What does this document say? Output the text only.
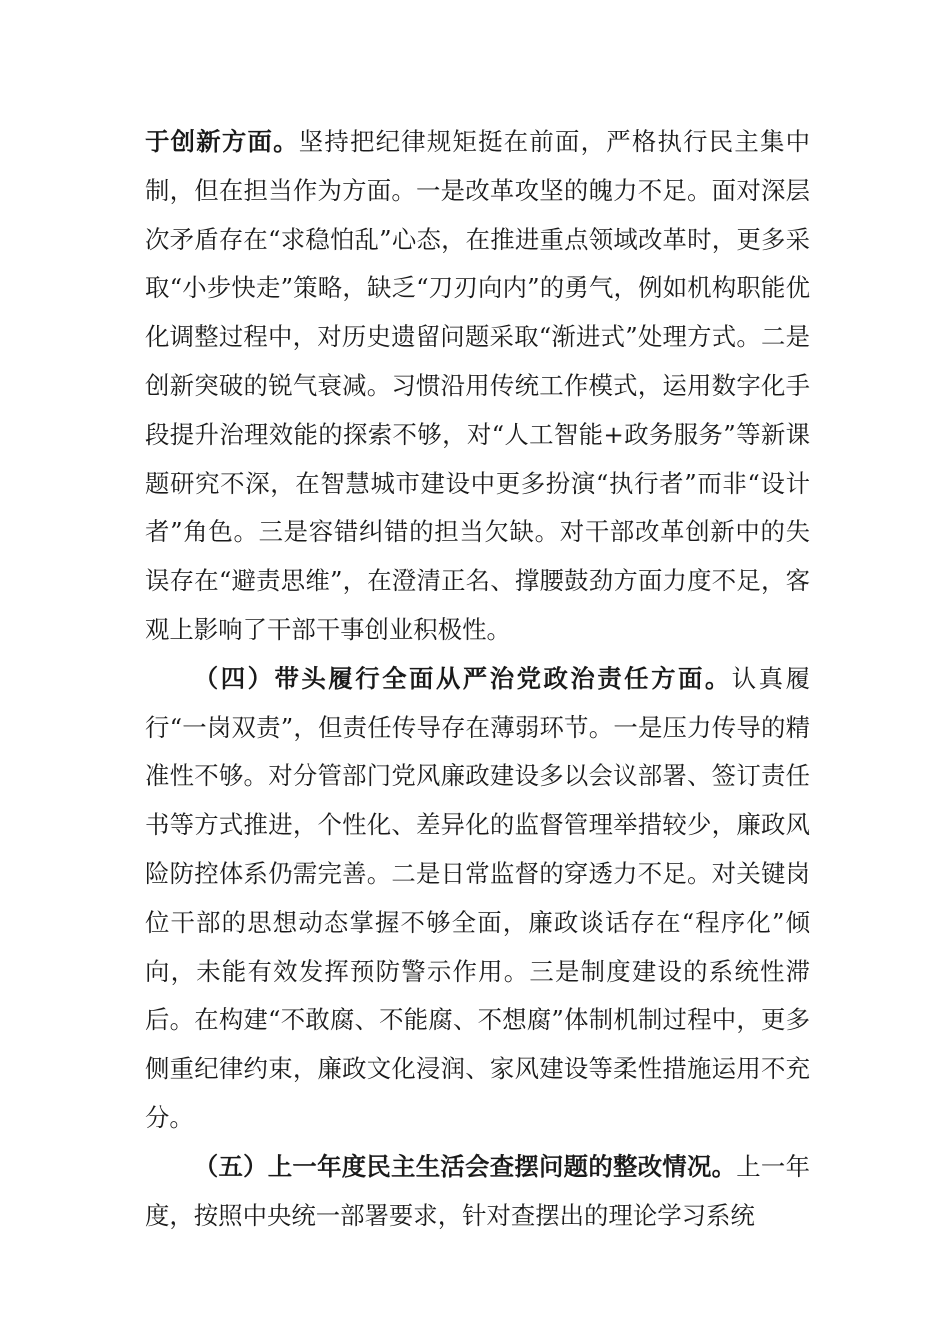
于创新方面。坚持把纪律规矩挺在前面，严格执行民主集中制，但在担当作为方面。一是改革攻坚的魄力不足。面对深层次矛盾存在“求稳怕乱”心态，在推进重点领域改革时，更多采取“小步快走”策略，缺乏“刀刃向内”的勇气，例如机构职能优化调整过程中，对历史遗留问题采取“渐进式”处理方式。二是创新突破的锐气衰减。习惯沿用传统工作模式，运用数字化手段提升治理效能的探索不够，对“人工智能+政务服务”等新课题研究不深，在智慧城市建设中更多扮演“执行者”而非“设计者”角色。三是容错纠错的担当欠缺。对干部改革创新中的失误存在“避责思维”，在澄清正名、撑腰鼓劲方面力度不足，客观上影响了干部干事创业积极性。

（四）带头履行全面从严治党政治责任方面。认真履行“一岗双责”，但责任传导存在薄弱环节。一是压力传导的精准性不够。对分管部门党风廉政建设多以会议部署、签订责任书等方式推进，个性化、差异化的监督管理举措较少，廉政风险防控体系仍需完善。二是日常监督的穿透力不足。对关键岗位干部的思想动态掌握不够全面，廉政谈话存在“程序化”倾向，未能有效发挥预防警示作用。三是制度建设的系统性滞后。在构建“不敢腐、不能腐、不想腐”体制机制过程中，更多侧重纪律约束，廉政文化浸润、家风建设等柔性措施运用不充分。

（五）上一年度民主生活会查摆问题的整改情况。上一年度，按照中央统一部署要求，针对查摆出的理论学习系统
